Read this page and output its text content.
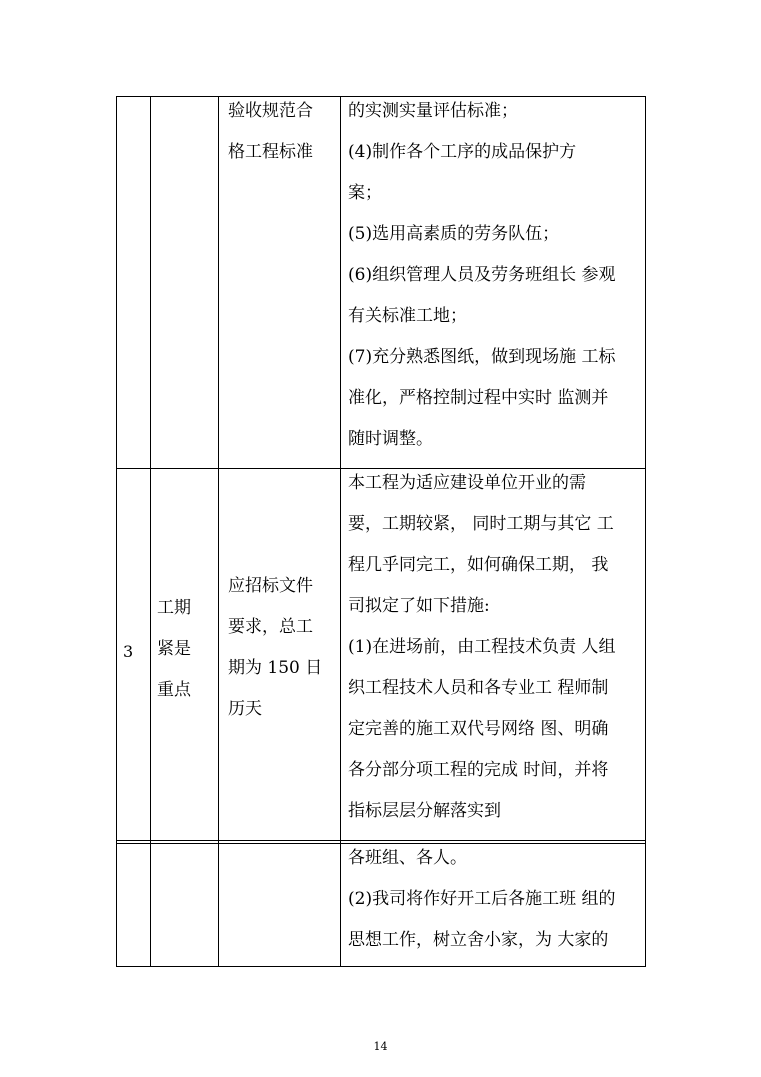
验收规范合
格工程标准
的实测实量评估标准；
(4)制作各个工序的成品保护方
案；
(5)选用高素质的劳务队伍；
(6)组织管理人员及劳务班组长 参观
有关标准工地；
(7)充分熟悉图纸，做到现场施 工标
准化，严格控制过程中实时 监测并
随时调整。
3
工期
紧是
重点
应招标文件
要求，总工
期为 150 日
历天
本工程为适应建设单位开业的需
要，工期较紧， 同时工期与其它 工
程几乎同完工，如何确保工期， 我
司拟定了如下措施:
(1)在进场前，由工程技术负责 人组
织工程技术人员和各专业工 程师制
定完善的施工双代号网络 图、明确
各分部分项工程的完成 时间，并将
指标层层分解落实到
各班组、各人。
(2)我司将作好开工后各施工班 组的
思想工作，树立舍小家，为 大家的
14
